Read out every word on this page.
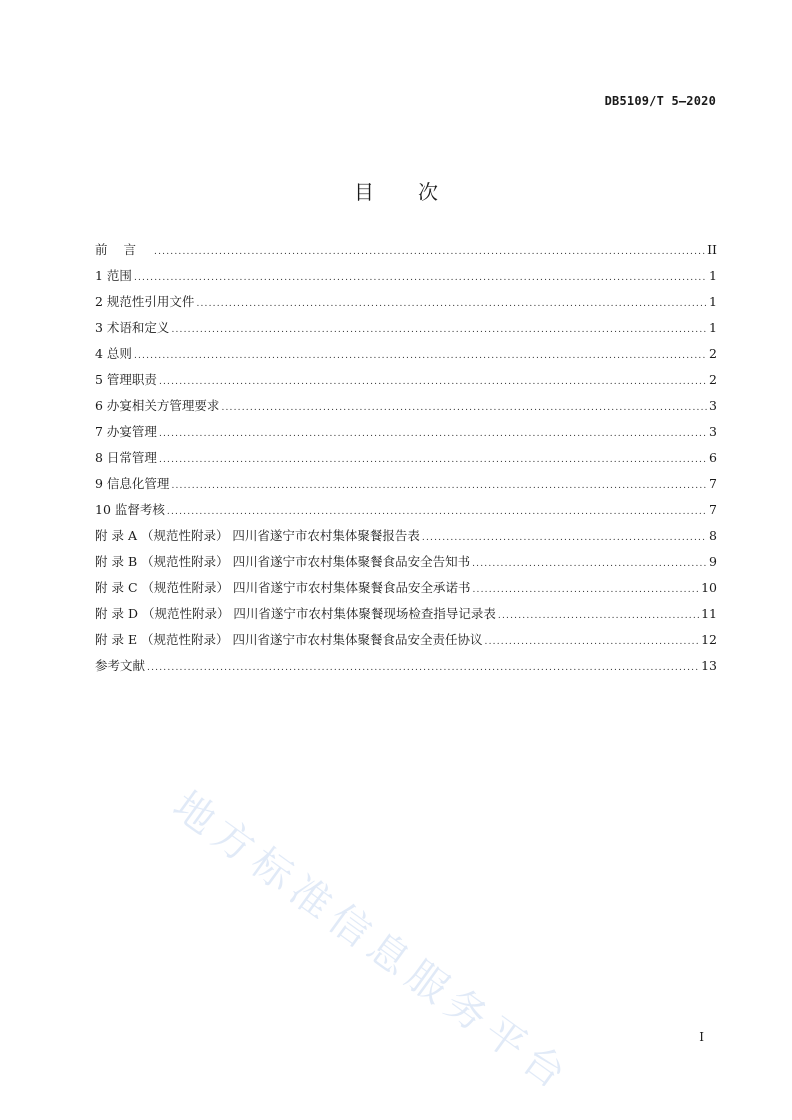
DB5109/T 5—2020
目次
前言 .....	II
1 范围 .....	1
2 规范性引用文件 .....	1
3 术语和定义 .....	1
4 总则 .....	2
5 管理职责 .....	2
6 办宴相关方管理要求 .....	3
7 办宴管理 .....	3
8 日常管理 .....	6
9 信息化管理 .....	7
10 监督考核 .....	7
附 录 A （规范性附录） 四川省遂宁市农村集体聚餐报告表 .....	8
附 录 B （规范性附录） 四川省遂宁市农村集体聚餐食品安全告知书 .....	9
附 录 C （规范性附录） 四川省遂宁市农村集体聚餐食品安全承诺书 .....	10
附 录 D （规范性附录） 四川省遂宁市农村集体聚餐现场检查指导记录表 .....	11
附 录 E （规范性附录） 四川省遂宁市农村集体聚餐食品安全责任协议 .....	12
参考文献 .....	13
地方标准信息服务平台	I
